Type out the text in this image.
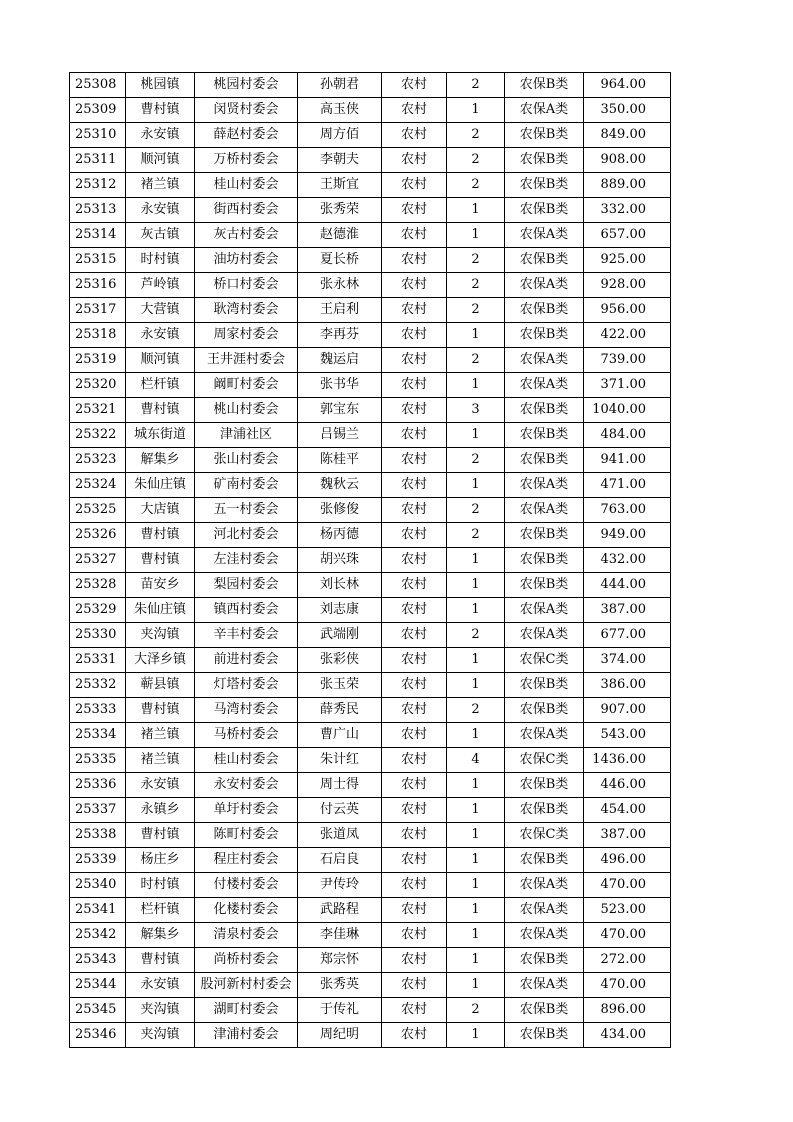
25308	桃园镇	桃园村委会	孙朝君	农村	2	农保B类	964.00
25309	曹村镇	闵贤村委会	高玉侠	农村	1	农保A类	350.00
25310	永安镇	薛赵村委会	周方佰	农村	2	农保B类	849.00
25311	顺河镇	万桥村委会	李朝夫	农村	2	农保B类	908.00
25312	褚兰镇	桂山村委会	王斯宜	农村	2	农保B类	889.00
25313	永安镇	街西村委会	张秀荣	农村	1	农保B类	332.00
25314	灰古镇	灰古村委会	赵德淮	农村	1	农保A类	657.00
25315	时村镇	油坊村委会	夏长桥	农村	2	农保B类	925.00
25316	芦岭镇	桥口村委会	张永林	农村	2	农保A类	928.00
25317	大营镇	耿湾村委会	王启利	农村	2	农保B类	956.00
25318	永安镇	周家村委会	李再芬	农村	1	农保B类	422.00
25319	顺河镇	王井涯村委会	魏运启	农村	2	农保A类	739.00
25320	栏杆镇	阚町村委会	张书华	农村	1	农保A类	371.00
25321	曹村镇	桃山村委会	郭宝东	农村	3	农保B类	1040.00
25322	城东街道	津浦社区	吕锡兰	农村	1	农保B类	484.00
25323	解集乡	张山村委会	陈桂平	农村	2	农保B类	941.00
25324	朱仙庄镇	矿南村委会	魏秋云	农村	1	农保A类	471.00
25325	大店镇	五一村委会	张修俊	农村	2	农保A类	763.00
25326	曹村镇	河北村委会	杨丙德	农村	2	农保B类	949.00
25327	曹村镇	左洼村委会	胡兴珠	农村	1	农保B类	432.00
25328	苗安乡	梨园村委会	刘长林	农村	1	农保B类	444.00
25329	朱仙庄镇	镇西村委会	刘志康	农村	1	农保A类	387.00
25330	夹沟镇	辛丰村委会	武端刚	农村	2	农保A类	677.00
25331	大泽乡镇	前进村委会	张彩侠	农村	1	农保C类	374.00
25332	蕲县镇	灯塔村委会	张玉荣	农村	1	农保B类	386.00
25333	曹村镇	马湾村委会	薛秀民	农村	2	农保B类	907.00
25334	褚兰镇	马桥村委会	曹广山	农村	1	农保A类	543.00
25335	褚兰镇	桂山村委会	朱计红	农村	4	农保C类	1436.00
25336	永安镇	永安村委会	周士得	农村	1	农保B类	446.00
25337	永镇乡	单圩村委会	付云英	农村	1	农保B类	454.00
25338	曹村镇	陈町村委会	张道凤	农村	1	农保C类	387.00
25339	杨庄乡	程庄村委会	石启良	农村	1	农保B类	496.00
25340	时村镇	付楼村委会	尹传玲	农村	1	农保A类	470.00
25341	栏杆镇	化楼村委会	武路程	农村	1	农保A类	523.00
25342	解集乡	清泉村委会	李佳琳	农村	1	农保A类	470.00
25343	曹村镇	尚桥村委会	郑宗怀	农村	1	农保B类	272.00
25344	永安镇	股河新村村委会	张秀英	农村	1	农保A类	470.00
25345	夹沟镇	湖町村委会	于传礼	农村	2	农保B类	896.00
25346	夹沟镇	津浦村委会	周纪明	农村	1	农保B类	434.00
